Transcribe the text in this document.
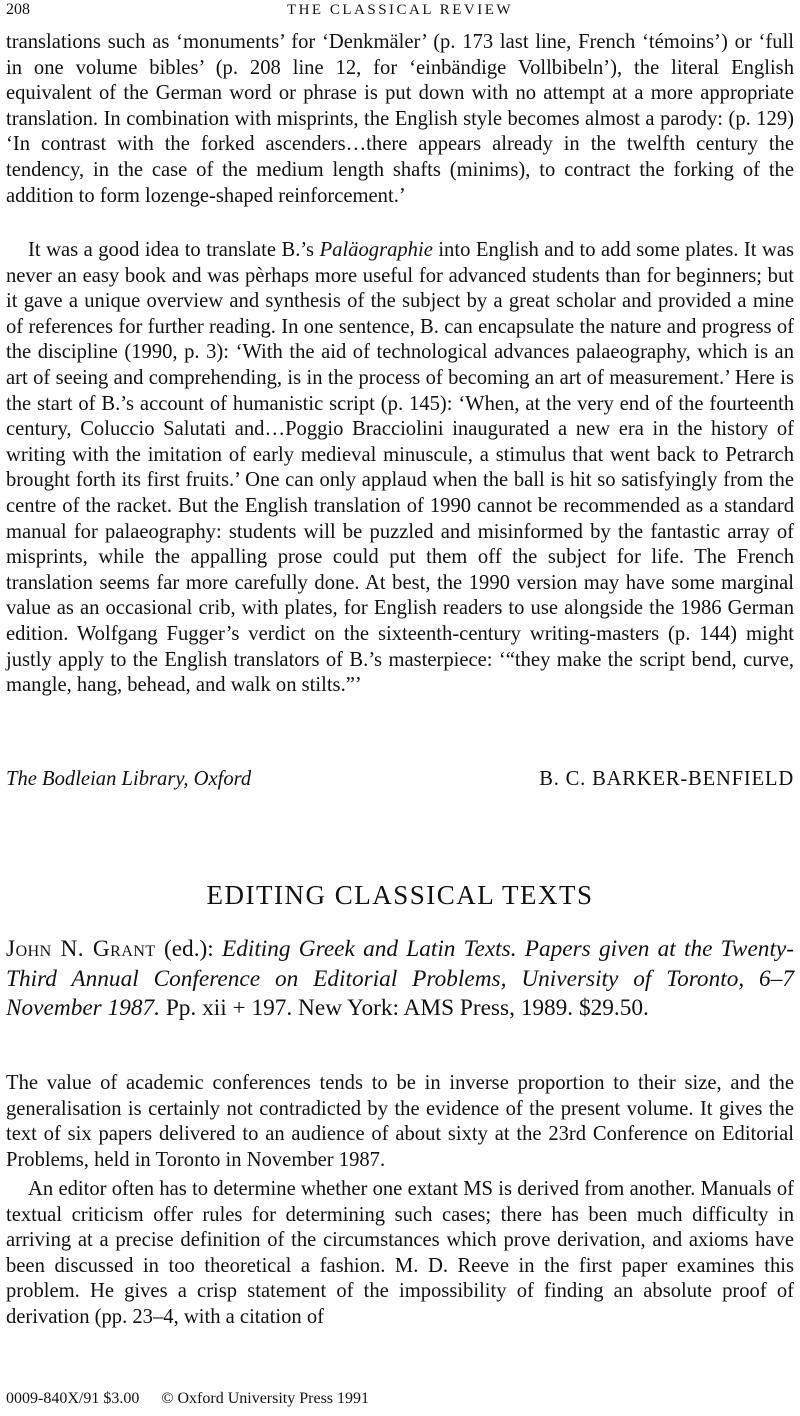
208	THE CLASSICAL REVIEW

translations such as ‘monuments’ for ‘Denkmäler’ (p. 173 last line, French ‘témoins’) or ‘full in one volume bibles’ (p. 208 line 12, for ‘einbändige Vollbibeln’), the literal English equivalent of the German word or phrase is put down with no attempt at a more appropriate translation. In combination with misprints, the English style becomes almost a parody: (p. 129) ‘In contrast with the forked ascenders…there appears already in the twelfth century the tendency, in the case of the medium length shafts (minims), to contract the forking of the addition to form lozenge-shaped reinforcement.’

It was a good idea to translate B.’s Paläographie into English and to add some plates. It was never an easy book and was pèrhaps more useful for advanced students than for beginners; but it gave a unique overview and synthesis of the subject by a great scholar and provided a mine of references for further reading. In one sentence, B. can encapsulate the nature and progress of the discipline (1990, p. 3): ‘With the aid of technological advances palaeography, which is an art of seeing and comprehending, is in the process of becoming an art of measurement.’ Here is the start of B.’s account of humanistic script (p. 145): ‘When, at the very end of the fourteenth century, Coluccio Salutati and…Poggio Bracciolini inaugurated a new era in the history of writing with the imitation of early medieval minuscule, a stimulus that went back to Petrarch brought forth its first fruits.’ One can only applaud when the ball is hit so satisfyingly from the centre of the racket. But the English translation of 1990 cannot be recommended as a standard manual for palaeography: students will be puzzled and misinformed by the fantastic array of misprints, while the appalling prose could put them off the subject for life. The French translation seems far more carefully done. At best, the 1990 version may have some marginal value as an occasional crib, with plates, for English readers to use alongside the 1986 German edition. Wolfgang Fugger’s verdict on the sixteenth-century writing-masters (p. 144) might justly apply to the English translators of B.’s masterpiece: ‘“they make the script bend, curve, mangle, hang, behead, and walk on stilts.”’

The Bodleian Library, Oxford	B. C. BARKER-BENFIELD
EDITING CLASSICAL TEXTS
John N. Grant (ed.): Editing Greek and Latin Texts. Papers given at the Twenty-Third Annual Conference on Editorial Problems, University of Toronto, 6–7 November 1987. Pp. xii + 197. New York: AMS Press, 1989. $29.50.

The value of academic conferences tends to be in inverse proportion to their size, and the generalisation is certainly not contradicted by the evidence of the present volume. It gives the text of six papers delivered to an audience of about sixty at the 23rd Conference on Editorial Problems, held in Toronto in November 1987.

An editor often has to determine whether one extant MS is derived from another. Manuals of textual criticism offer rules for determining such cases; there has been much difficulty in arriving at a precise definition of the circumstances which prove derivation, and axioms have been discussed in too theoretical a fashion. M. D. Reeve in the first paper examines this problem. He gives a crisp statement of the impossibility of finding an absolute proof of derivation (pp. 23–4, with a citation of

0009-840X/91 $3.00 © Oxford University Press 1991
